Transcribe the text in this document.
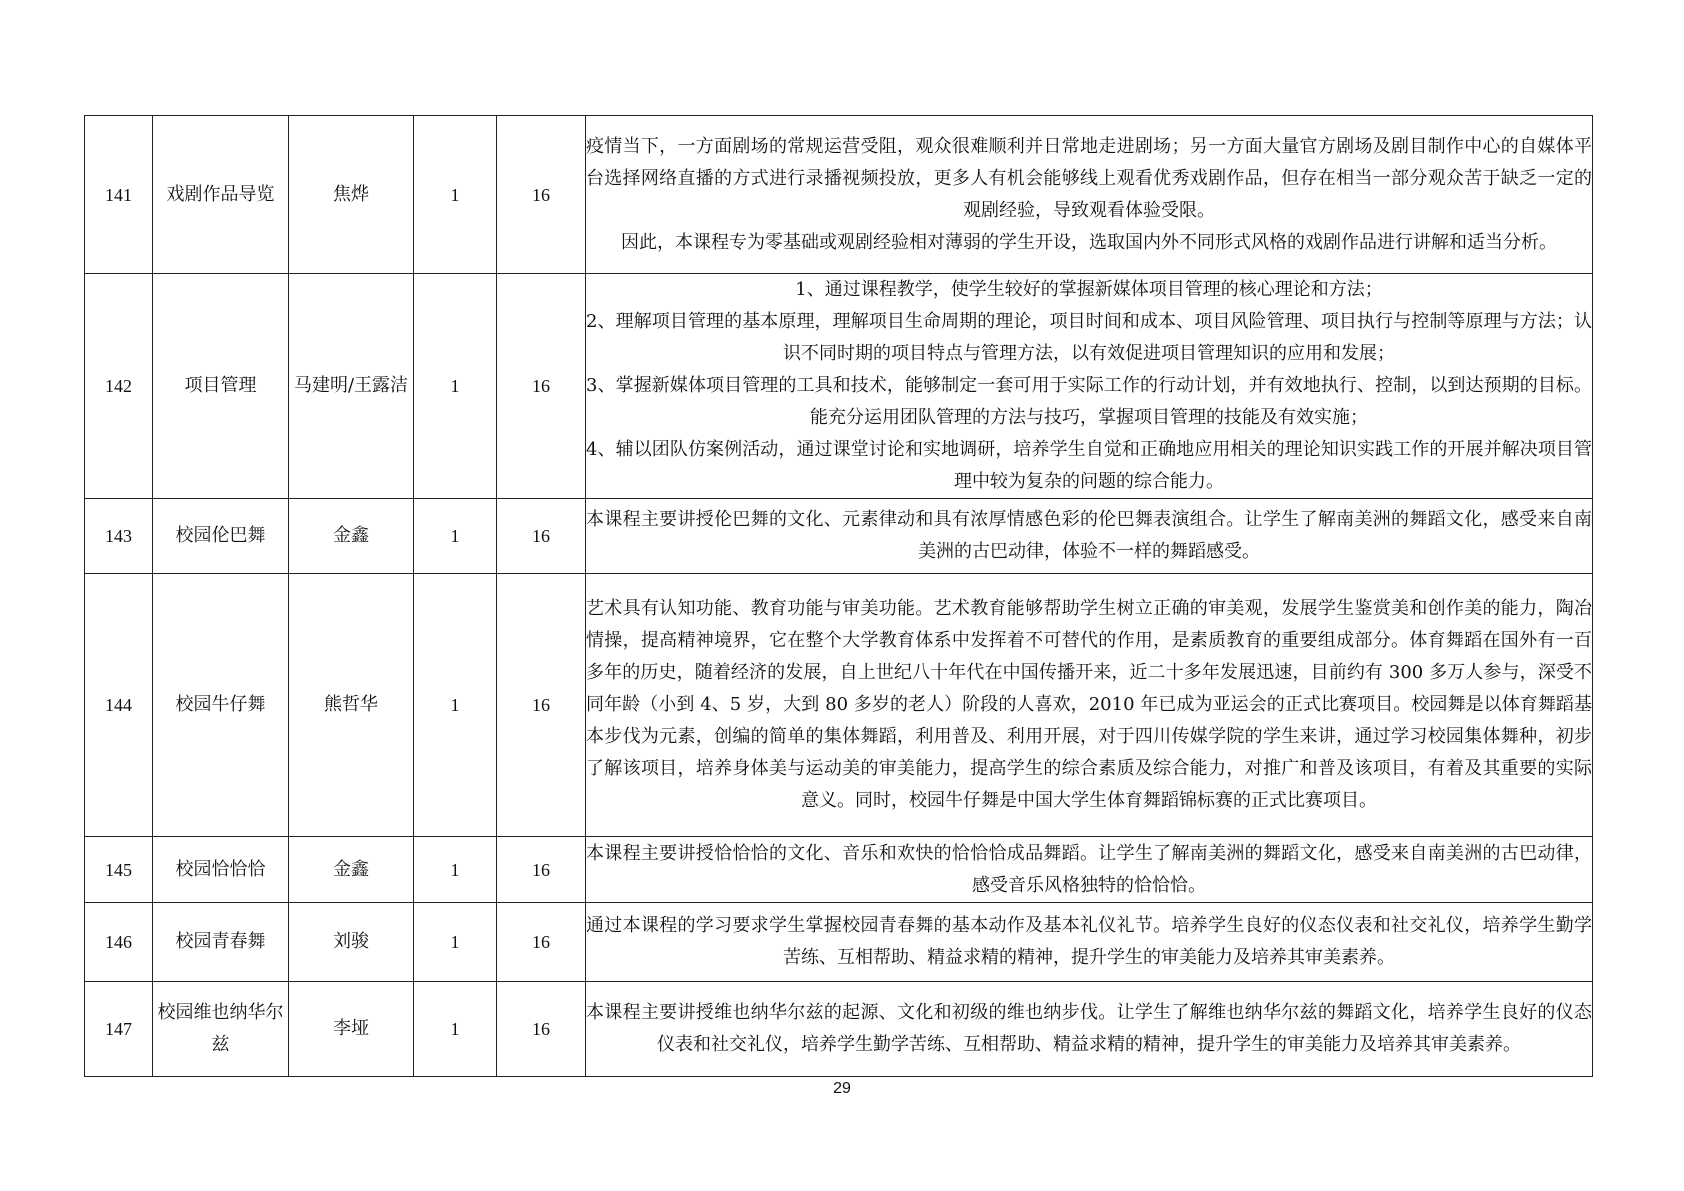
141	戏剧作品导览	焦烨	1	16	疫情当下，一方面剧场的常规运营受阻，观众很难顺利并日常地走进剧场；另一方面大量官方剧场及剧目制作中心的自媒体平台选择网络直播的方式进行录播视频投放，更多人有机会能够线上观看优秀戏剧作品，但存在相当一部分观众苦于缺乏一定的观剧经验，导致观看体验受限。
因此，本课程专为零基础或观剧经验相对薄弱的学生开设，选取国内外不同形式风格的戏剧作品进行讲解和适当分析。

142	项目管理	马建明/王露洁	1	16	1、通过课程教学，使学生较好的掌握新媒体项目管理的核心理论和方法；
2、理解项目管理的基本原理，理解项目生命周期的理论，项目时间和成本、项目风险管理、项目执行与控制等原理与方法；认识不同时期的项目特点与管理方法，以有效促进项目管理知识的应用和发展；
3、掌握新媒体项目管理的工具和技术，能够制定一套可用于实际工作的行动计划，并有效地执行、控制，以到达预期的目标。能充分运用团队管理的方法与技巧，掌握项目管理的技能及有效实施；
4、辅以团队仿案例活动，通过课堂讨论和实地调研，培养学生自觉和正确地应用相关的理论知识实践工作的开展并解决项目管理中较为复杂的问题的综合能力。

143	校园伦巴舞	金鑫	1	16	本课程主要讲授伦巴舞的文化、元素律动和具有浓厚情感色彩的伦巴舞表演组合。让学生了解南美洲的舞蹈文化，感受来自南美洲的古巴动律，体验不一样的舞蹈感受。

144	校园牛仔舞	熊哲华	1	16	艺术具有认知功能、教育功能与审美功能。艺术教育能够帮助学生树立正确的审美观，发展学生鉴赏美和创作美的能力，陶冶情操，提高精神境界，它在整个大学教育体系中发挥着不可替代的作用，是素质教育的重要组成部分。体育舞蹈在国外有一百多年的历史，随着经济的发展，自上世纪八十年代在中国传播开来，近二十多年发展迅速，目前约有 300 多万人参与，深受不同年龄（小到 4、5 岁，大到 80 多岁的老人）阶段的人喜欢，2010 年已成为亚运会的正式比赛项目。校园舞是以体育舞蹈基本步伐为元素，创编的简单的集体舞蹈，利用普及、利用开展，对于四川传媒学院的学生来讲，通过学习校园集体舞种，初步了解该项目，培养身体美与运动美的审美能力，提高学生的综合素质及综合能力，对推广和普及该项目，有着及其重要的实际意义。同时，校园牛仔舞是中国大学生体育舞蹈锦标赛的正式比赛项目。

145	校园恰恰恰	金鑫	1	16	本课程主要讲授恰恰恰的文化、音乐和欢快的恰恰恰成品舞蹈。让学生了解南美洲的舞蹈文化，感受来自南美洲的古巴动律，感受音乐风格独特的恰恰恰。

146	校园青春舞	刘骏	1	16	通过本课程的学习要求学生掌握校园青春舞的基本动作及基本礼仪礼节。培养学生良好的仪态仪表和社交礼仪，培养学生勤学苦练、互相帮助、精益求精的精神，提升学生的审美能力及培养其审美素养。

147	校园维也纳华尔兹	李垭	1	16	本课程主要讲授维也纳华尔兹的起源、文化和初级的维也纳步伐。让学生了解维也纳华尔兹的舞蹈文化，培养学生良好的仪态仪表和社交礼仪，培养学生勤学苦练、互相帮助、精益求精的精神，提升学生的审美能力及培养其审美素养。
29
